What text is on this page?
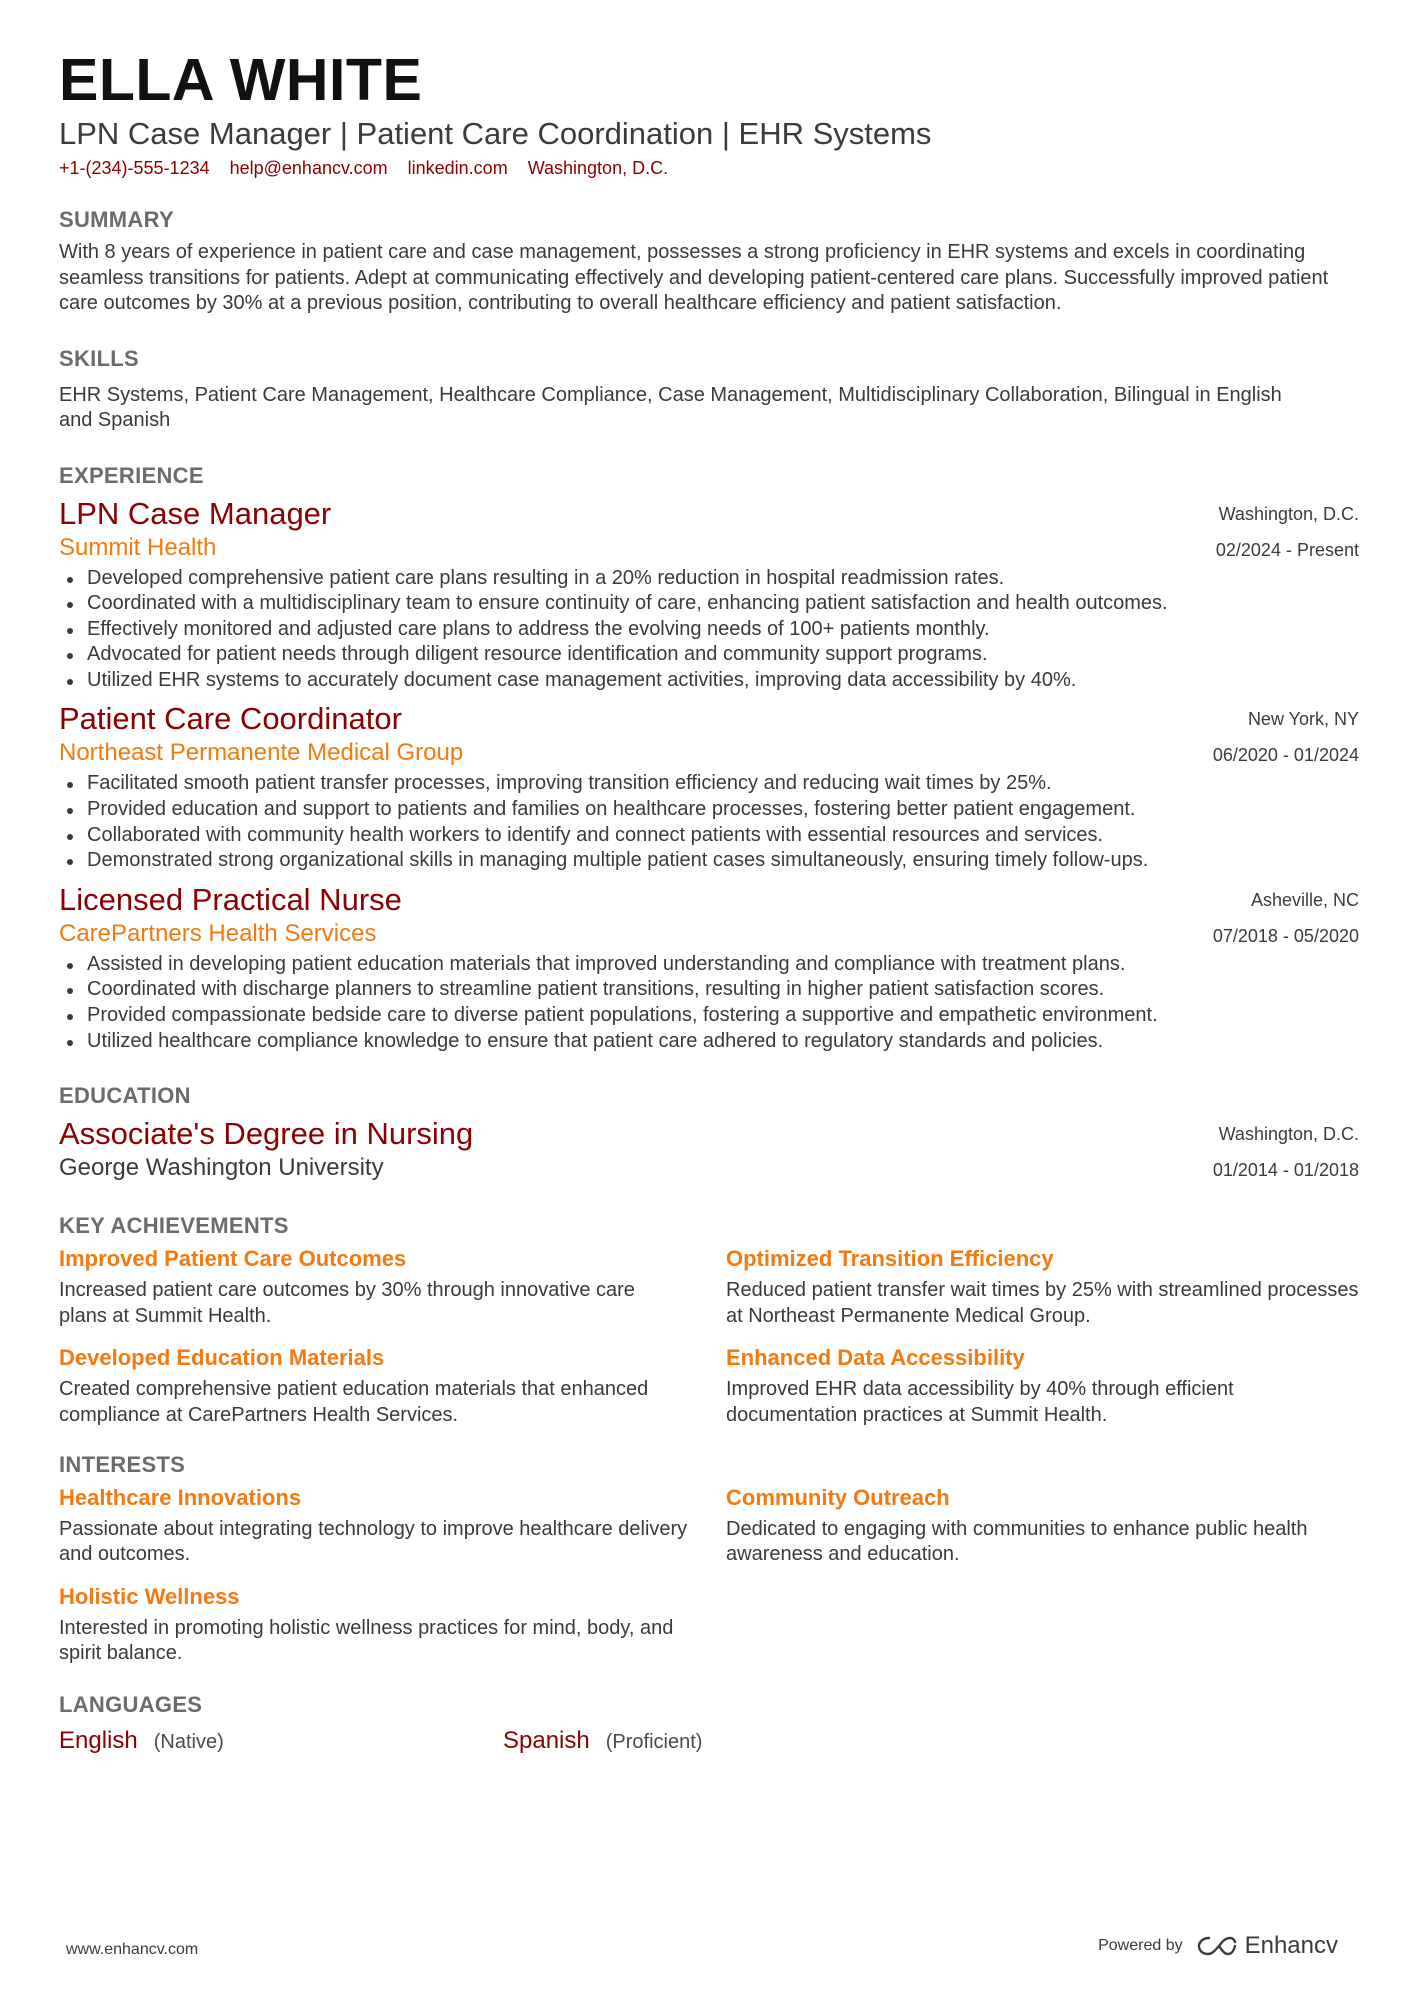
ELLA WHITE
LPN Case Manager | Patient Care Coordination | EHR Systems
+1-(234)-555-1234 help@enhancv.com linkedin.com Washington, D.C.
SUMMARY

With 8 years of experience in patient care and case management, possesses a strong proficiency in EHR systems and excels in coordinating seamless transitions for patients. Adept at communicating effectively and developing patient-centered care plans. Successfully improved patient care outcomes by 30% at a previous position, contributing to overall healthcare efficiency and patient satisfaction.

SKILLS

EHR Systems, Patient Care Management, Healthcare Compliance, Case Management, Multidisciplinary Collaboration, Bilingual in English and Spanish

EXPERIENCE
LPN Case Manager
Summit Health
Washington, D.C.
02/2024 - Present
Developed comprehensive patient care plans resulting in a 20% reduction in hospital readmission rates.
Coordinated with a multidisciplinary team to ensure continuity of care, enhancing patient satisfaction and health outcomes.
Effectively monitored and adjusted care plans to address the evolving needs of 100+ patients monthly.
Advocated for patient needs through diligent resource identification and community support programs.
Utilized EHR systems to accurately document case management activities, improving data accessibility by 40%.
Patient Care Coordinator
Northeast Permanente Medical Group
New York, NY
06/2020 - 01/2024
Facilitated smooth patient transfer processes, improving transition efficiency and reducing wait times by 25%.
Provided education and support to patients and families on healthcare processes, fostering better patient engagement.
Collaborated with community health workers to identify and connect patients with essential resources and services.
Demonstrated strong organizational skills in managing multiple patient cases simultaneously, ensuring timely follow-ups.
Licensed Practical Nurse
CarePartners Health Services
Asheville, NC
07/2018 - 05/2020
Assisted in developing patient education materials that improved understanding and compliance with treatment plans.
Coordinated with discharge planners to streamline patient transitions, resulting in higher patient satisfaction scores.
Provided compassionate bedside care to diverse patient populations, fostering a supportive and empathetic environment.
Utilized healthcare compliance knowledge to ensure that patient care adhered to regulatory standards and policies.
EDUCATION
Associate's Degree in Nursing
George Washington University
Washington, D.C.
01/2014 - 01/2018
KEY ACHIEVEMENTS
Improved Patient Care Outcomes
Increased patient care outcomes by 30% through innovative care plans at Summit Health.
Optimized Transition Efficiency
Reduced patient transfer wait times by 25% with streamlined processes at Northeast Permanente Medical Group.
Developed Education Materials
Created comprehensive patient education materials that enhanced compliance at CarePartners Health Services.
Enhanced Data Accessibility
Improved EHR data accessibility by 40% through efficient documentation practices at Summit Health.
INTERESTS
Healthcare Innovations
Passionate about integrating technology to improve healthcare delivery and outcomes.
Community Outreach
Dedicated to engaging with communities to enhance public health awareness and education.
Holistic Wellness
Interested in promoting holistic wellness practices for mind, body, and spirit balance.
LANGUAGES
English (Native)	Spanish (Proficient)
www.enhancv.com	Powered by	Enhancv
